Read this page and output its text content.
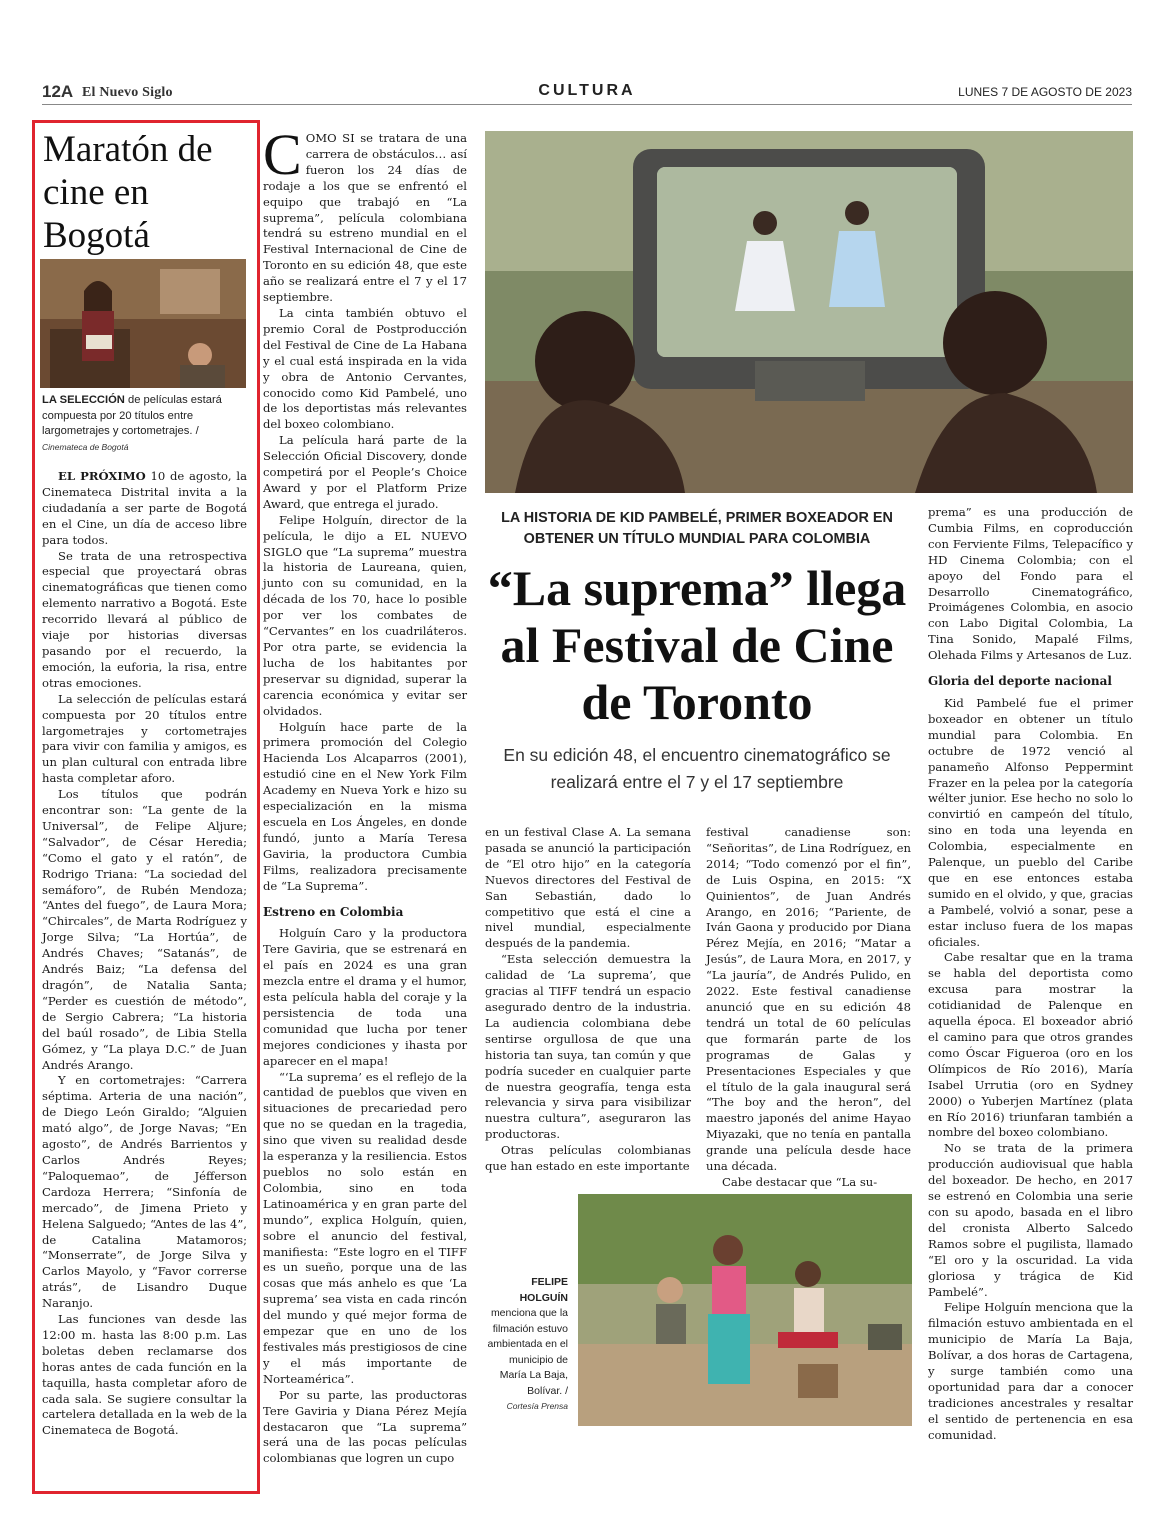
12A El Nuevo Siglo	CULTURA	LUNES 7 DE AGOSTO DE 2023
Maratón de cine en Bogotá
LA SELECCIÓN de películas estará compuesta por 20 títulos entre largometrajes y cortometrajes. /
Cinemateca de Bogotá

EL PRÓXIMO 10 de agosto, la Cinemateca Distrital invita a la ciudadanía a ser parte de Bogotá en el Cine, un día de acceso libre para todos.

Se trata de una retrospectiva especial que proyectará obras cinematográficas que tienen como elemento narrativo a Bogotá. Este recorrido llevará al público de viaje por historias diversas pasando por el recuerdo, la emoción, la euforia, la risa, entre otras emociones.

La selección de películas estará compuesta por 20 títulos entre largometrajes y cortometrajes para vivir con familia y amigos, es un plan cultural con entrada libre hasta completar aforo.

Los títulos que podrán encontrar son: “La gente de la Universal”, de Felipe Aljure; “Salvador”, de César Heredia; “Como el gato y el ratón”, de Rodrigo Triana: “La sociedad del semáforo”, de Rubén Mendoza; “Antes del fuego”, de Laura Mora; “Chircales”, de Marta Rodríguez y Jorge Silva; “La Hortúa”, de Andrés Chaves; “Satanás”, de Andrés Baiz; “La defensa del dragón”, de Natalia Santa; “Perder es cuestión de método”, de Sergio Cabrera; “La historia del baúl rosado”, de Libia Stella Gómez, y “La playa D.C.” de Juan Andrés Arango.

Y en cortometrajes: “Carrera séptima. Arteria de una nación”, de Diego León Giraldo; “Alguien mató algo”, de Jorge Navas; “En agosto”, de Andrés Barrientos y Carlos Andrés Reyes; “Paloquemao”, de Jéfferson Cardoza Herrera; “Sinfonía de mercado”, de Jimena Prieto y Helena Salguedo; “Antes de las 4”, de Catalina Matamoros; “Monserrate”, de Jorge Silva y Carlos Mayolo, y “Favor correrse atrás”, de Lisandro Duque Naranjo.

Las funciones van desde las 12:00 m. hasta las 8:00 p.m. Las boletas deben reclamarse dos horas antes de cada función en la taquilla, hasta completar aforo de cada sala. Se sugiere consultar la cartelera detallada en la web de la Cinemateca de Bogotá.

COMO SI se tratara de una carrera de obstáculos… así fueron los 24 días de rodaje a los que se enfrentó el equipo que trabajó en “La suprema”, película colombiana tendrá su estreno mundial en el Festival Internacional de Cine de Toronto en su edición 48, que este año se realizará entre el 7 y el 17 septiembre.

La cinta también obtuvo el premio Coral de Postproducción del Festival de Cine de La Habana y el cual está inspirada en la vida y obra de Antonio Cervantes, conocido como Kid Pambelé, uno de los deportistas más relevantes del boxeo colombiano.

La película hará parte de la Selección Oficial Discovery, donde competirá por el People’s Choice Award y por el Platform Prize Award, que entrega el jurado.

Felipe Holguín, director de la película, le dijo a EL NUEVO SIGLO que “La suprema” muestra la historia de Laureana, quien, junto con su comunidad, en la década de los 70, hace lo posible por ver los combates de “Cervantes” en los cuadriláteros. Por otra parte, se evidencia la lucha de los habitantes por preservar su dignidad, superar la carencia económica y evitar ser olvidados.

Holguín hace parte de la primera promoción del Colegio Hacienda Los Alcaparros (2001), estudió cine en el New York Film Academy en Nueva York e hizo su especialización en la misma escuela en Los Ángeles, en donde fundó, junto a María Teresa Gaviria, la productora Cumbia Films, realizadora precisamente de “La Suprema”.

Estreno en Colombia

Holguín Caro y la productora Tere Gaviria, que se estrenará en el país en 2024 es una gran mezcla entre el drama y el humor, esta película habla del coraje y la persistencia de toda una comunidad que lucha por tener mejores condiciones y ihasta por aparecer en el mapa!

“‘La suprema’ es el reflejo de la cantidad de pueblos que viven en situaciones de precariedad pero que no se quedan en la tragedia, sino que viven su realidad desde la esperanza y la resiliencia. Estos pueblos no solo están en Colombia, sino en toda Latinoamérica y en gran parte del mundo”, explica Holguín, quien, sobre el anuncio del festival, manifiesta: “Este logro en el TIFF es un sueño, porque una de las cosas que más anhelo es que ‘La suprema’ sea vista en cada rincón del mundo y qué mejor forma de empezar que en uno de los festivales más prestigiosos de cine y el más importante de Norteamérica”.

Por su parte, las productoras Tere Gaviria y Diana Pérez Mejía destacaron que “La suprema” será una de las pocas películas colombianas que logren un cupo

LA HISTORIA DE KID PAMBELÉ, PRIMER BOXEADOR EN OBTENER UN TÍTULO MUNDIAL PARA COLOMBIA
“La suprema” llega al Festival de Cine de Toronto
En su edición 48, el encuentro cinematográfico se realizará entre el 7 y el 17 septiembre

en un festival Clase A. La semana pasada se anunció la participación de “El otro hijo” en la categoría Nuevos directores del Festival de San Sebastián, dado lo competitivo que está el cine a nivel mundial, especialmente después de la pandemia.

“Esta selección demuestra la calidad de ‘La suprema’, que gracias al TIFF tendrá un espacio asegurado dentro de la industria. La audiencia colombiana debe sentirse orgullosa de que una historia tan suya, tan común y que podría suceder en cualquier parte de nuestra geografía, tenga esta relevancia y sirva para visibilizar nuestra cultura”, aseguraron las productoras.

Otras películas colombianas que han estado en este importante

festival canadiense son: “Señoritas”, de Lina Rodríguez, en 2014; “Todo comenzó por el fin”, de Luis Ospina, en 2015: “X Quinientos”, de Juan Andrés Arango, en 2016; “Pariente, de Iván Gaona y producido por Diana Pérez Mejía, en 2016; “Matar a Jesús”, de Laura Mora, en 2017, y “La jauría”, de Andrés Pulido, en 2022. Este festival canadiense anunció que en su edición 48 tendrá un total de 60 películas que formarán parte de los programas de Galas y Presentaciones Especiales y que el título de la gala inaugural será “The boy and the heron”, del maestro japonés del anime Hayao Miyazaki, que no tenía en pantalla grande una película desde hace una década.

Cabe destacar que “La su-

prema” es una producción de Cumbia Films, en coproducción con Ferviente Films, Telepacífico y HD Cinema Colombia; con el apoyo del Fondo para el Desarrollo Cinematográfico, Proimágenes Colombia, en asocio con Labo Digital Colombia, La Tina Sonido, Mapalé Films, Olehada Films y Artesanos de Luz.

Gloria del deporte nacional

Kid Pambelé fue el primer boxeador en obtener un título mundial para Colombia. En octubre de 1972 venció al panameño Alfonso Peppermint Frazer en la pelea por la categoría wélter junior. Ese hecho no solo lo convirtió en campeón del título, sino en toda una leyenda en Colombia, especialmente en Palenque, un pueblo del Caribe que en ese entonces estaba sumido en el olvido, y que, gracias a Pambelé, volvió a sonar, pese a estar incluso fuera de los mapas oficiales.

Cabe resaltar que en la trama se habla del deportista como excusa para mostrar la cotidianidad de Palenque en aquella época. El boxeador abrió el camino para que otros grandes como Óscar Figueroa (oro en los Olímpicos de Río 2016), María Isabel Urrutia (oro en Sydney 2000) o Yuberjen Martínez (plata en Río 2016) triunfaran también a nombre del boxeo colombiano.

No se trata de la primera producción audiovisual que habla del boxeador. De hecho, en 2017 se estrenó en Colombia una serie con su apodo, basada en el libro del cronista Alberto Salcedo Ramos sobre el pugilista, llamado “El oro y la oscuridad. La vida gloriosa y trágica de Kid Pambelé”.

Felipe Holguín menciona que la filmación estuvo ambientada en el municipio de María La Baja, Bolívar, a dos horas de Cartagena, y surge también como una oportunidad para dar a conocer tradiciones ancestrales y resaltar el sentido de pertenencia en esa comunidad.

FELIPE HOLGUÍN menciona que la filmación estuvo ambientada en el municipio de María La Baja, Bolívar. /
Cortesía Prensa
